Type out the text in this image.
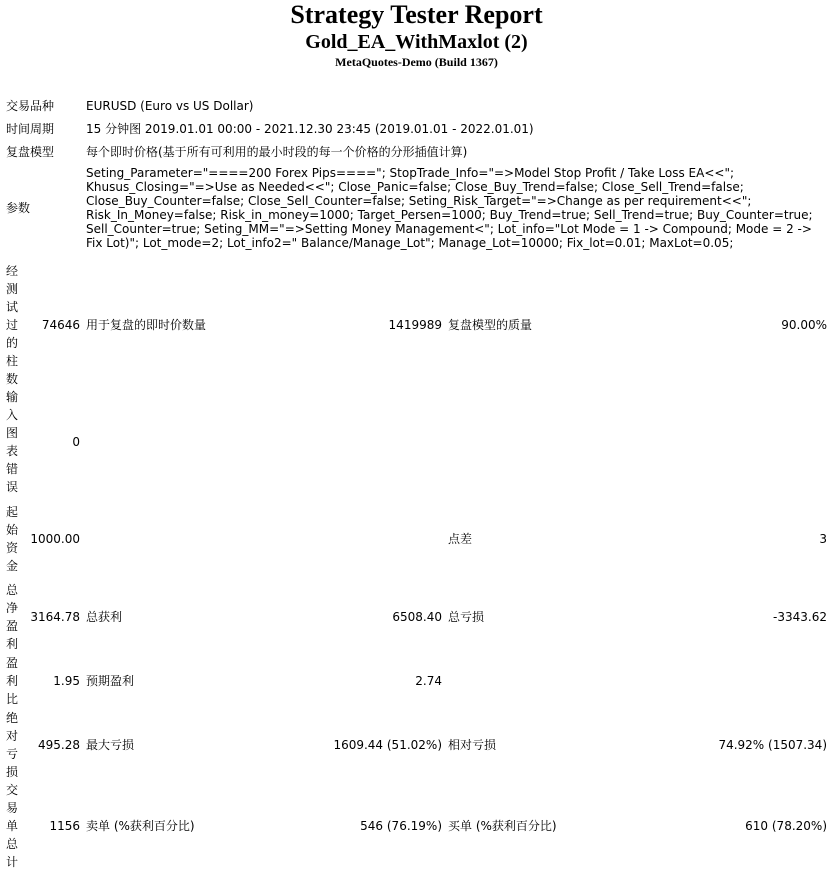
Strategy Tester Report
Gold_EA_WithMaxlot (2)
MetaQuotes-Demo (Build 1367)
交易品种	EURUSD (Euro vs US Dollar)
时间周期	15 分钟图 2019.01.01 00:00 - 2021.12.30 23:45 (2019.01.01 - 2022.01.01)
复盘模型	每个即时价格(基于所有可利用的最小时段的每一个价格的分形插值计算)
参数	Seting_Parameter="====200 Forex Pips===="; StopTrade_Info="=>Model Stop Profit / Take Loss EA<<"; Khusus_Closing="=>Use as Needed<<"; Close_Panic=false; Close_Buy_Trend=false; Close_Sell_Trend=false; Close_Buy_Counter=false; Close_Sell_Counter=false; Seting_Risk_Target="=>Change as per requirement<<"; Risk_In_Money=false; Risk_in_money=1000; Target_Persen=1000; Buy_Trend=true; Sell_Trend=true; Buy_Counter=true; Sell_Counter=true; Seting_MM="=>Setting Money Management<"; Lot_info="Lot Mode = 1 -> Compound; Mode = 2 -> Fix Lot)"; Lot_mode=2; Lot_info2=" Balance/Manage_Lot"; Manage_Lot=10000; Fix_lot=0.01; MaxLot=0.05;
经测试过的柱数	74646	用于复盘的即时价数量	1419989	复盘模型的质量	90.00%
输入图表错误	0				
起始资金	1000.00			点差	3
总净盈利	3164.78	总获利	6508.40	总亏损	-3343.62
盈利比	1.95	预期盈利	2.74		
绝对亏损	495.28	最大亏损	1609.44 (51.02%)	相对亏损	74.92% (1507.34)
交易单总计	1156	卖单 (%获利百分比)	546 (76.19%)	买单 (%获利百分比)	610 (78.20%)
